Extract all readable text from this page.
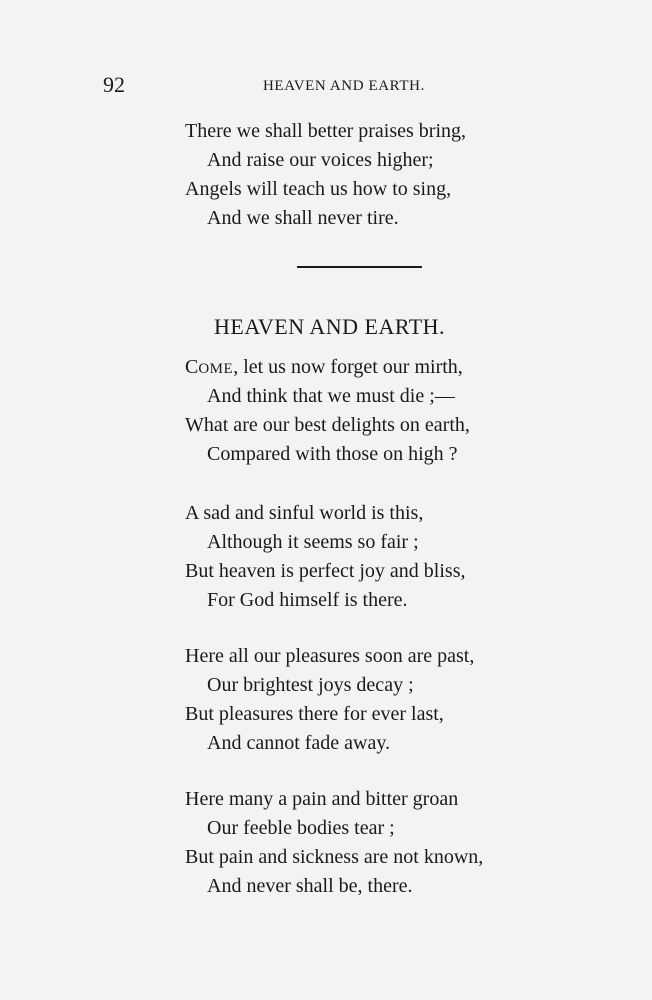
92	HEAVEN AND EARTH.
There we shall better praises bring,
And raise our voices higher;
Angels will teach us how to sing,
And we shall never tire.
HEAVEN AND EARTH.
COME, let us now forget our mirth,
And think that we must die ;—
What are our best delights on earth,
Compared with those on high ?
A sad and sinful world is this,
Although it seems so fair ;
But heaven is perfect joy and bliss,
For God himself is there.
Here all our pleasures soon are past,
Our brightest joys decay ;
But pleasures there for ever last,
And cannot fade away.
Here many a pain and bitter groan
Our feeble bodies tear ;
But pain and sickness are not known,
And never shall be, there.
